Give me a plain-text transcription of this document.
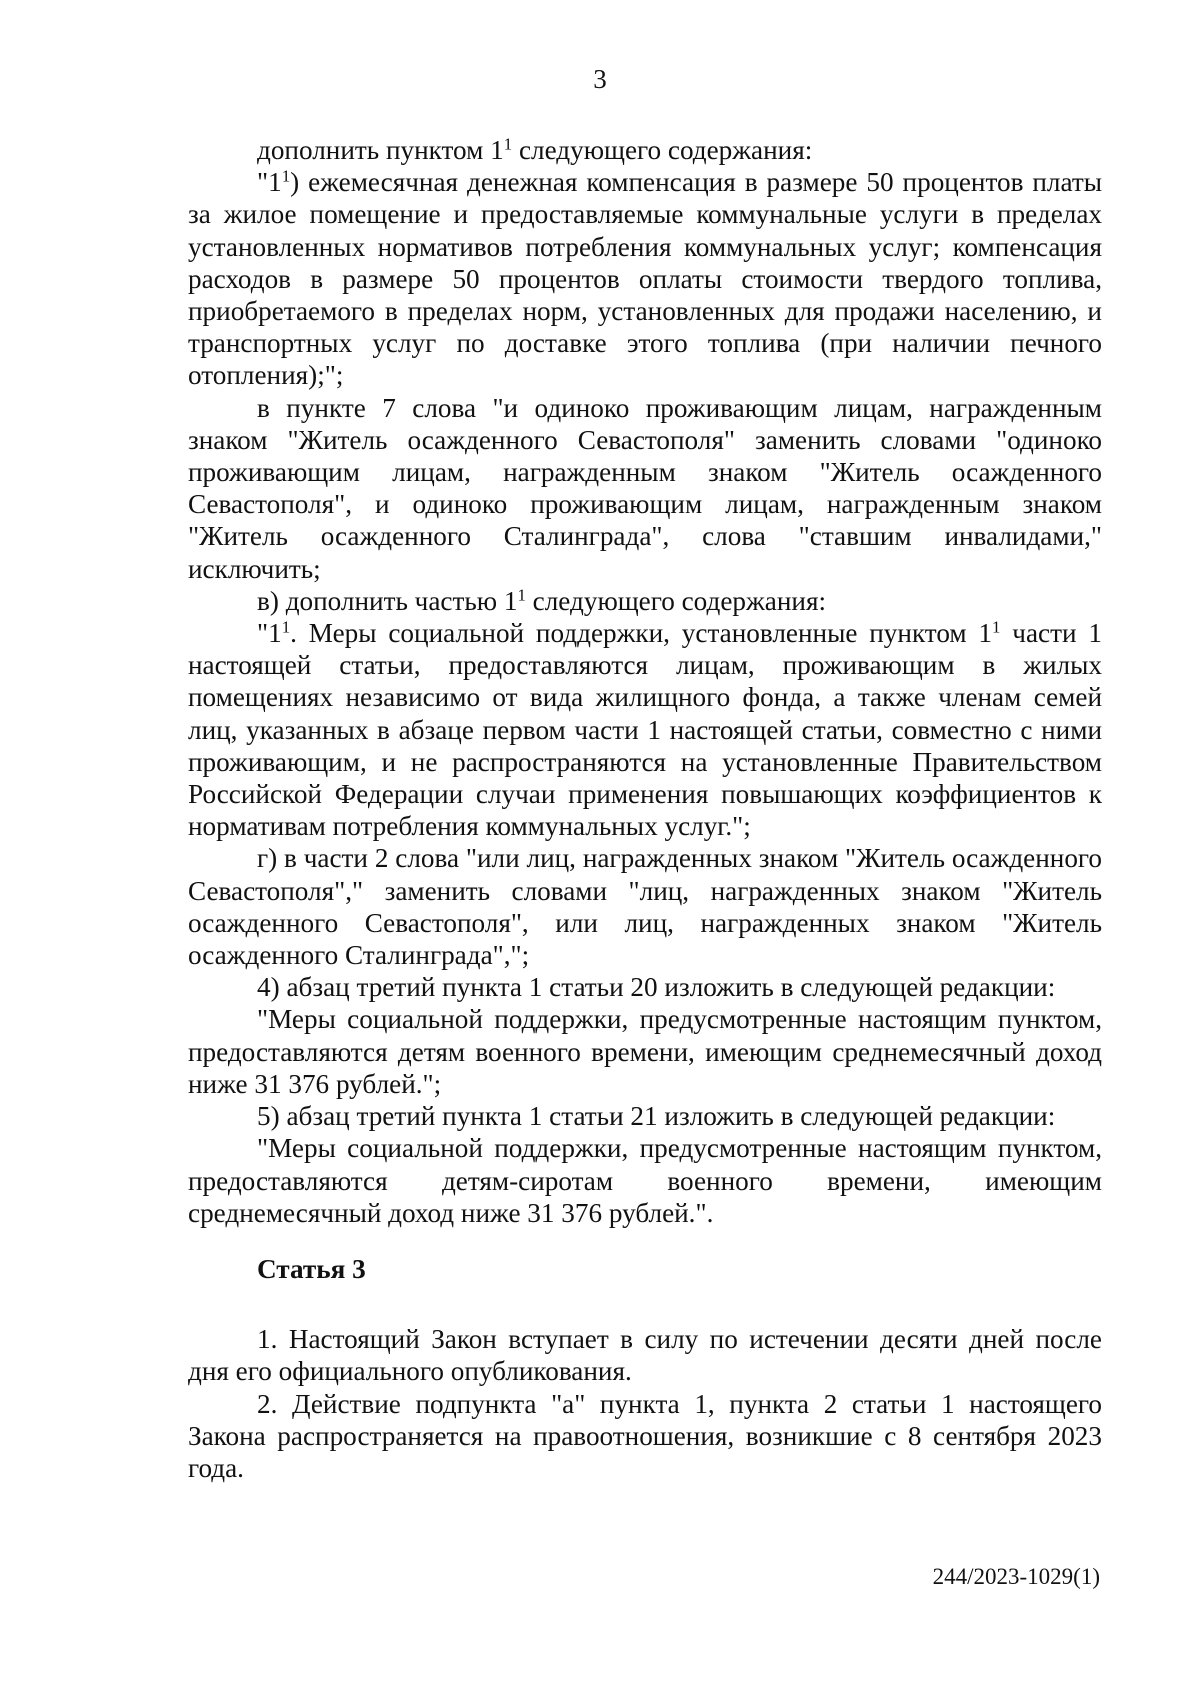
3

дополнить пунктом $1^1$ следующего содержания:

"$1^1$) ежемесячная денежная компенсация в размере 50 процентов платы за жилое помещение и предоставляемые коммунальные услуги в пределах установленных нормативов потребления коммунальных услуг; компенсация расходов в размере 50 процентов оплаты стоимости твердого топлива, приобретаемого в пределах норм, установленных для продажи населению, и транспортных услуг по доставке этого топлива (при наличии печного отопления);";

в пункте 7 слова "и одиноко проживающим лицам, награжденным знаком "Житель осажденного Севастополя" заменить словами "одиноко проживающим лицам, награжденным знаком "Житель осажденного Севастополя", и одиноко проживающим лицам, награжденным знаком "Житель осажденного Сталинграда", слова "ставшим инвалидами," исключить;

в) дополнить частью $1^1$ следующего содержания:

"$1^1$. Меры социальной поддержки, установленные пунктом $1^1$ части 1 настоящей статьи, предоставляются лицам, проживающим в жилых помещениях независимо от вида жилищного фонда, а также членам семей лиц, указанных в абзаце первом части 1 настоящей статьи, совместно с ними проживающим, и не распространяются на установленные Правительством Российской Федерации случаи применения повышающих коэффициентов к нормативам потребления коммунальных услуг.";

г) в части 2 слова "или лиц, награжденных знаком "Житель осажденного Севастополя"," заменить словами "лиц, награжденных знаком "Житель осажденного Севастополя", или лиц, награжденных знаком "Житель осажденного Сталинграда",";

4) абзац третий пункта 1 статьи 20 изложить в следующей редакции:

"Меры социальной поддержки, предусмотренные настоящим пунктом, предоставляются детям военного времени, имеющим среднемесячный доход ниже 31 376 рублей.";

5) абзац третий пункта 1 статьи 21 изложить в следующей редакции:

"Меры социальной поддержки, предусмотренные настоящим пунктом, предоставляются детям-сиротам военного времени, имеющим среднемесячный доход ниже 31 376 рублей.".

Статья 3

1. Настоящий Закон вступает в силу по истечении десяти дней после дня его официального опубликования.

2. Действие подпункта "а" пункта 1, пункта 2 статьи 1 настоящего Закона распространяется на правоотношения, возникшие с 8 сентября 2023 года.

244/2023-1029(1)
